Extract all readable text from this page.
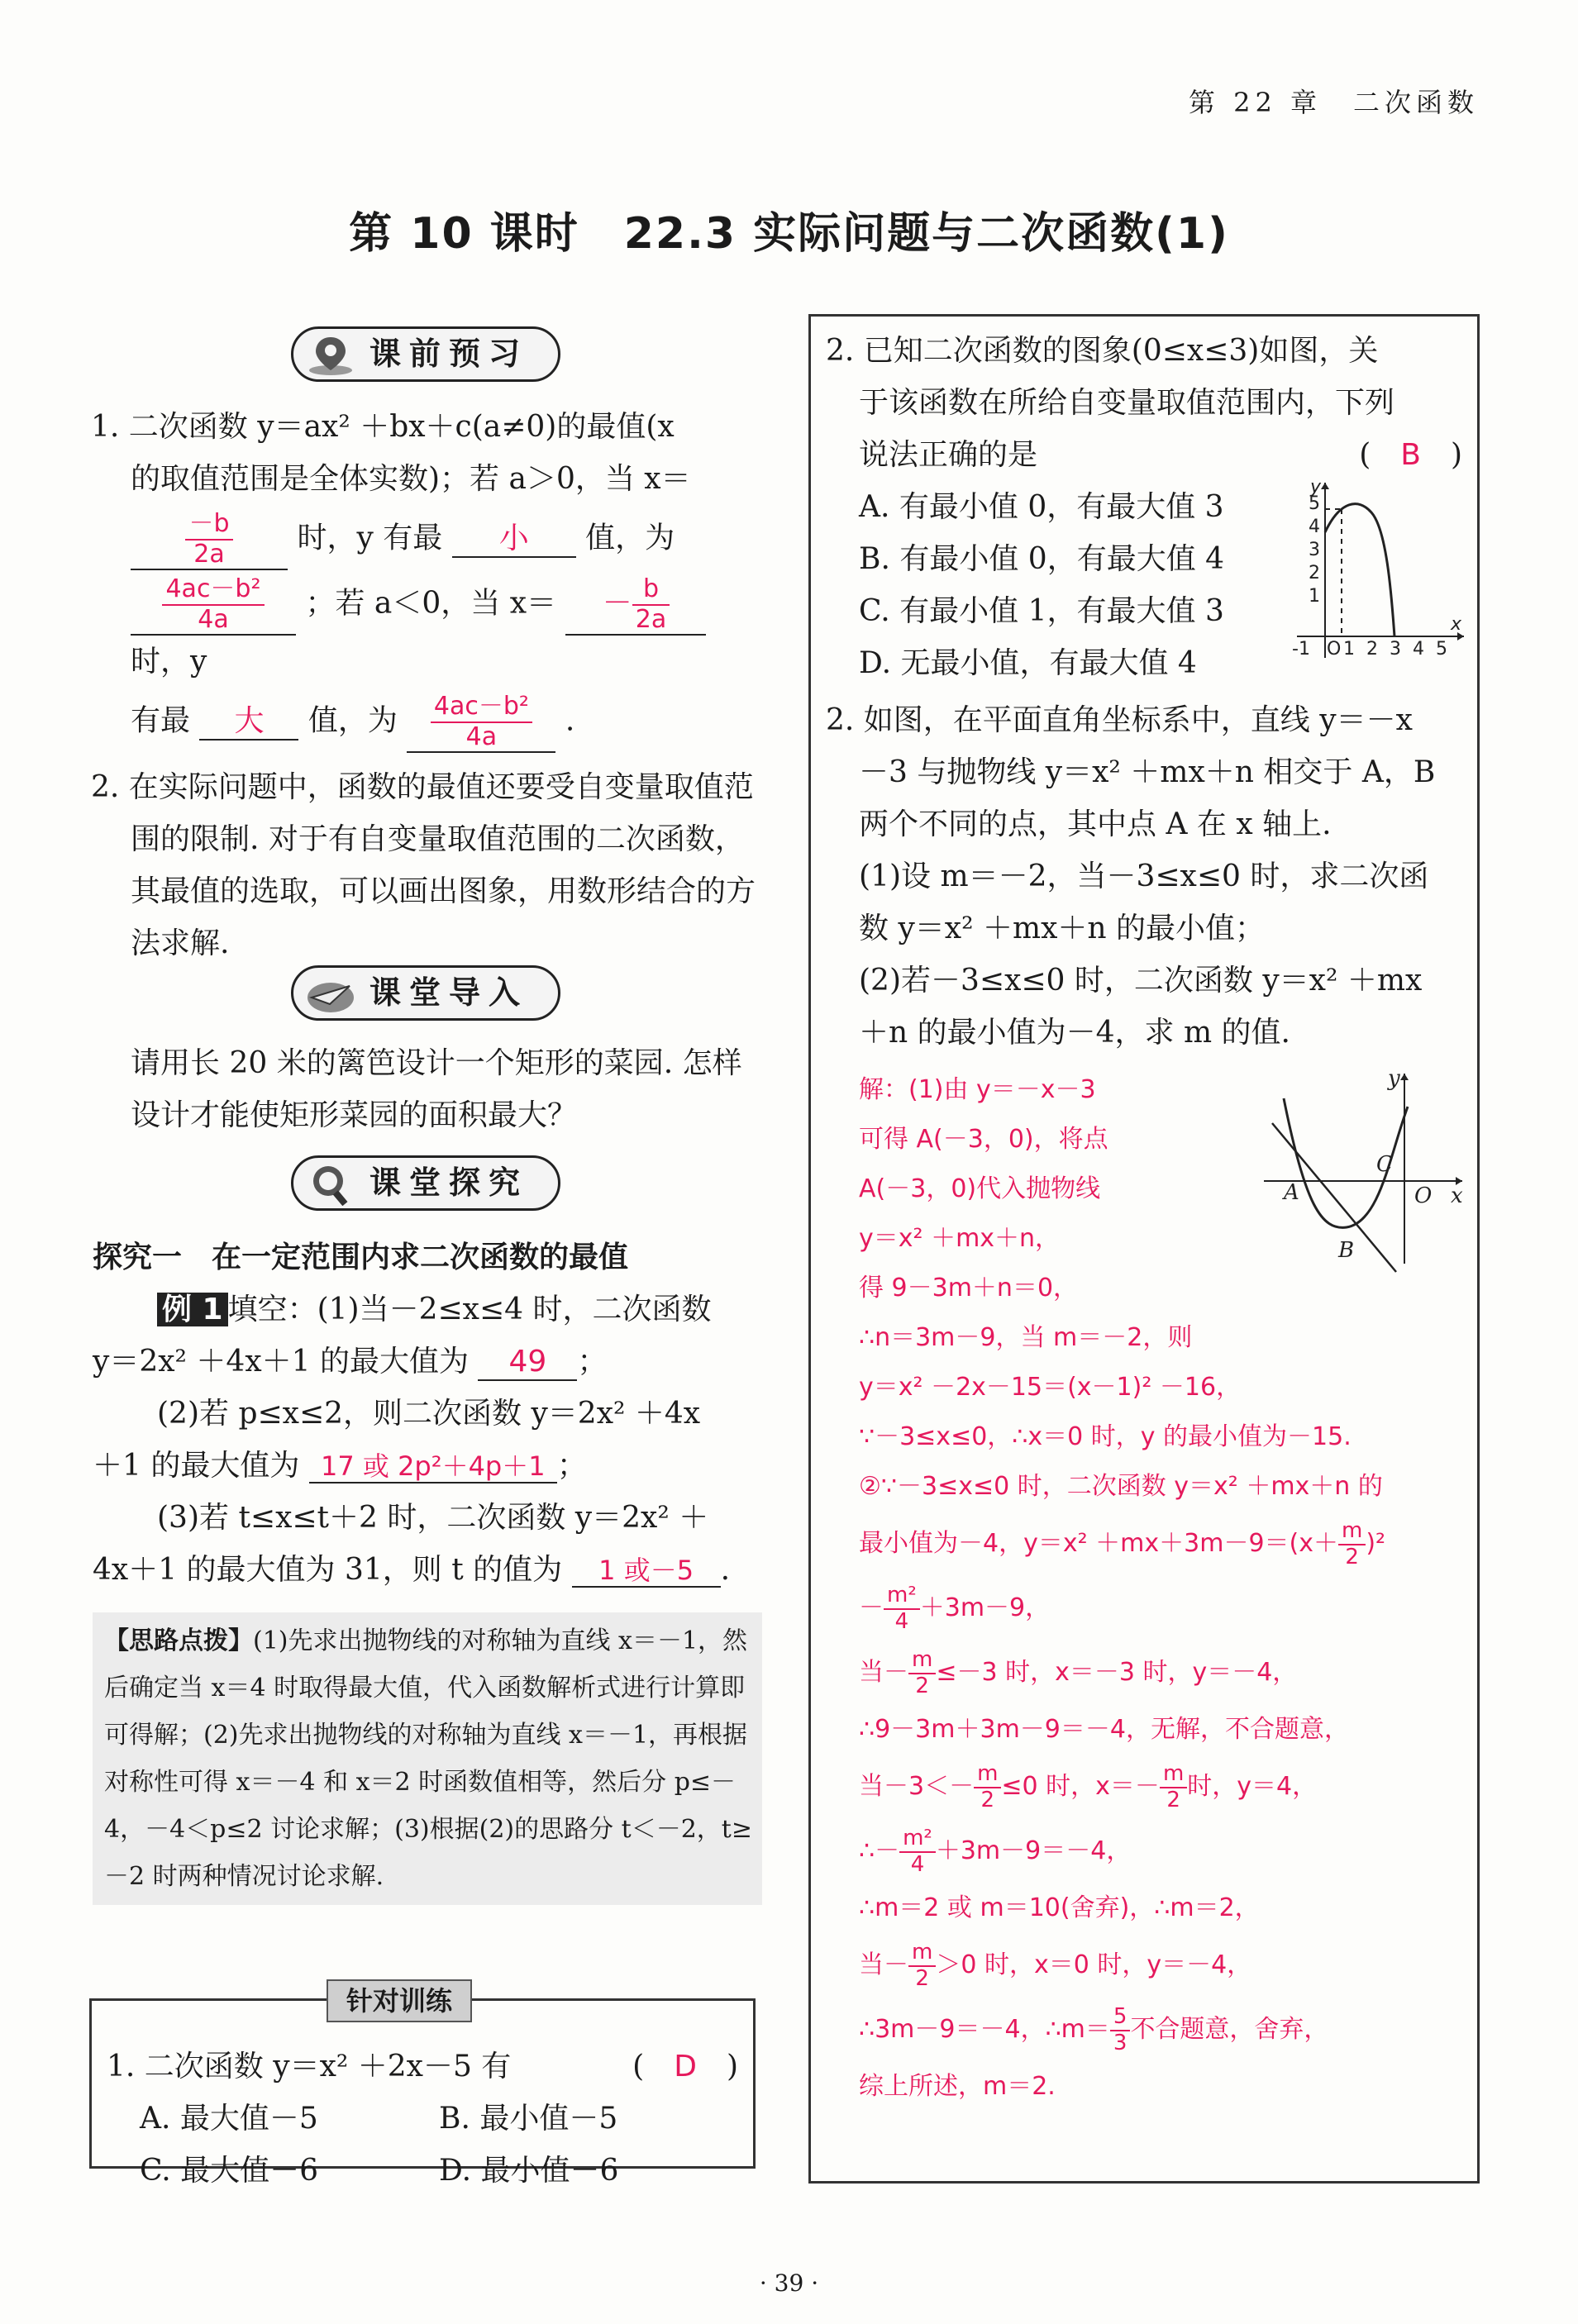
第 22 章　二次函数
第 10 课时　22.3 实际问题与二次函数(1)
课前预习

1. 二次函数 y＝ax² ＋bx＋c(a≠0)的最值(x

的取值范围是全体实数)；若 a＞0，当 x＝

$\frac{-b}{2a}$ 时，y 有最 小 值，为

$\frac{\text{4ac－b²}}{4a}$ ；若 a＜0，当 $x= - \frac{b}{2a}$
时，y

有最 大 值，为 $\frac{\text{4ac－b²}}{4a}$ .

2. 在实际问题中，函数的最值还要受自变量取值范围的限制. 对于有自变量取值范围的二次函数，其最值的选取，可以画出图象，用数形结合的方法求解.

课堂导入
请用长 20 米的篱笆设计一个矩形的菜园. 怎样设计才能使矩形菜园的面积最大？
课堂探究

探究一　在一定范围内求二次函数的最值

例 1 填空：(1)当－2≤x≤4 时，二次函数

y＝2x² ＋4x＋1 的最大值为 49 ；

(2)若 p≤x≤2，则二次函数 y＝2x² ＋4x

＋1 的最大值为 17 或 2p²＋4p＋1 ；

(3)若 t≤x≤t＋2 时，二次函数 y＝2x² ＋

4x＋1 的最大值为 31，则 t 的值为 1 或－5 .

【思路点拨】(1)先求出抛物线的对称轴为直线 x＝－1，然后确定当 x＝4 时取得最大值，代入函数解析式进行计算即可得解；(2)先求出抛物线的对称轴为直线 x＝－1，再根据对称性可得 x＝－4 和 x＝2 时函数值相等，然后分 p≤－4，－4＜p≤2 讨论求解；(3)根据(2)的思路分 t＜－2，t≥－2 时两种情况讨论求解.
1. 二次函数 y＝x² ＋2x－5 有	(　D　)
A. 最大值－5	B. 最小值－5
C. 最大值－6	D. 最小值－6
针对训练

2. 已知二次函数的图象(0≤x≤3)如图，关

于该函数在所给自变量取值范围内，下列

说法正确的是	(　B　)

A. 有最小值 0，有最大值 3

B. 有最小值 0，有最大值 4

C. 有最小值 1，有最大值 3

D. 无最小值，有最大值 4

x
y
-1 O 1 2 3 4 5
5
4
3
2
1

2. 如图，在平面直角坐标系中，直线 y＝－x

－3 与抛物线 y＝x² ＋mx＋n 相交于 A，B

两个不同的点，其中点 A 在 x 轴上.

(1)设 m＝－2，当－3≤x≤0 时，求二次函

数 y＝x² ＋mx＋n 的最小值；

(2)若－3≤x≤0 时，二次函数 y＝x² ＋mx

＋n 的最小值为－4，求 m 的值.

A
B
C
O x
y
解：(1)由 y＝－x－3
可得 A(－3，0)，将点
A(－3，0)代入抛物线
y＝x² ＋mx＋n，
得 9－3m＋n＝0，
∴n＝3m－9，当 m＝－2，则
y＝x² －2x－15＝(x－1)² －16，
∵－3≤x≤0，∴x＝0 时，y 的最小值为－15.
②∵－3≤x≤0 时，二次函数 y＝x² ＋mx＋n 的
最小值为－4，$y=x^2 +mx+3m-9=(x+ \frac{m}{2} )^2$
－ $\frac{\text{m²}}{4} +3m-9$，
当－ $\frac{m}{2} \le-3$ 时，x＝－3 时，y＝－4，
∴9－3m＋3m－9＝－4，无解，不合题意，
当$-3<- \frac{m}{2} \le 0$ 时，$x=- \frac{m}{2}$ 时，y＝4，
∴－ $\frac{\text{m²}}{4} +3m-9=-4$，
∴m＝2 或 m＝10(舍弃)，∴m＝2，
当－ $\frac{m}{2} >0$ 时，x＝0 时，y＝－4，
∴3m－9＝－4，∴m＝ $\frac{5}{3}$ 不合题意，舍弃，
综上所述，m＝2.
· 39 ·
